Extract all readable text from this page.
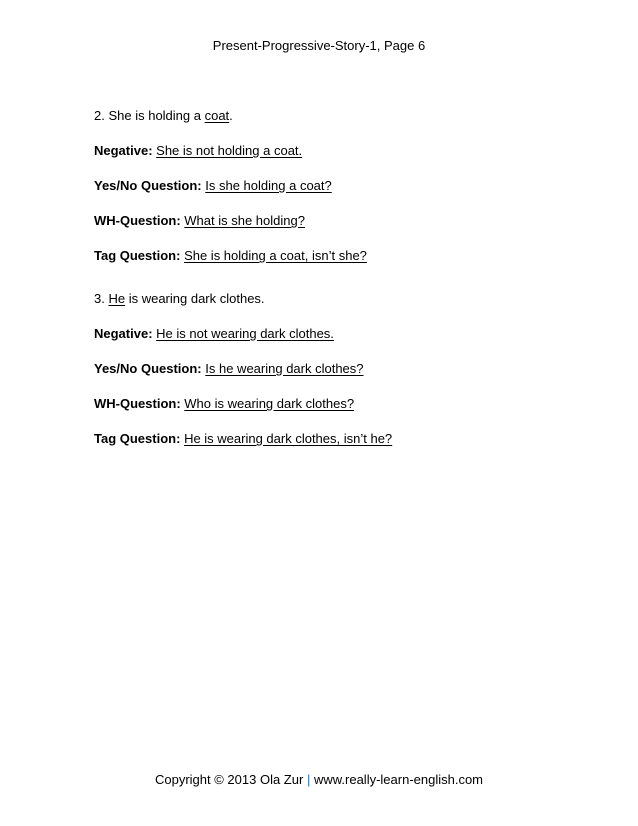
Present-Progressive-Story-1, Page 6
2. She is holding a coat.
Negative: She is not holding a coat.
Yes/No Question: Is she holding a coat?
WH-Question: What is she holding?
Tag Question: She is holding a coat, isn’t she?
3. He is wearing dark clothes.
Negative: He is not wearing dark clothes.
Yes/No Question: Is he wearing dark clothes?
WH-Question: Who is wearing dark clothes?
Tag Question: He is wearing dark clothes, isn’t he?
Copyright © 2013 Ola Zur | www.really-learn-english.com
